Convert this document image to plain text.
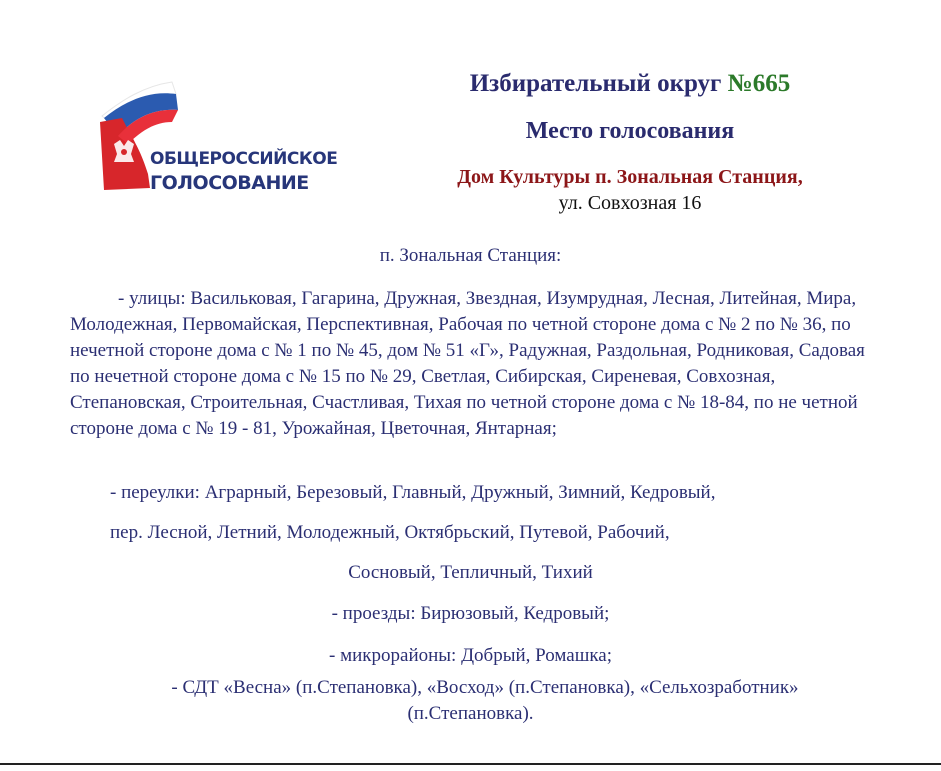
ОБЩЕРОССИЙСКОЕ
ГОЛОСОВАНИЕ
Избирательный округ №665
Место голосования
Дом Культуры п. Зональная Станция,
ул. Совхозная 16
п. Зональная Станция:
- улицы: Васильковая, Гагарина, Дружная, Звездная, Изумрудная, Лесная, Литейная, Мира, Молодежная, Первомайская, Перспективная, Рабочая по четной стороне дома с № 2 по № 36, по нечетной стороне дома с № 1 по № 45, дом № 51 «Г», Радужная, Раздольная, Родниковая, Садовая по нечетной стороне дома с № 15 по № 29, Светлая, Сибирская, Сиреневая, Совхозная, Степановская, Строительная, Счастливая, Тихая по четной стороне дома с № 18-84, по не четной стороне дома с № 19 - 81, Урожайная, Цветочная, Янтарная;
- переулки: Аграрный, Березовый, Главный, Дружный, Зимний, Кедровый,
пер. Лесной, Летний, Молодежный, Октябрьский, Путевой, Рабочий,
Сосновый, Тепличный, Тихий
- проезды: Бирюзовый, Кедровый;
- микрорайоны: Добрый, Ромашка;
- СДТ «Весна» (п.Степановка), «Восход» (п.Степановка), «Сельхозработник»
(п.Степановка).
